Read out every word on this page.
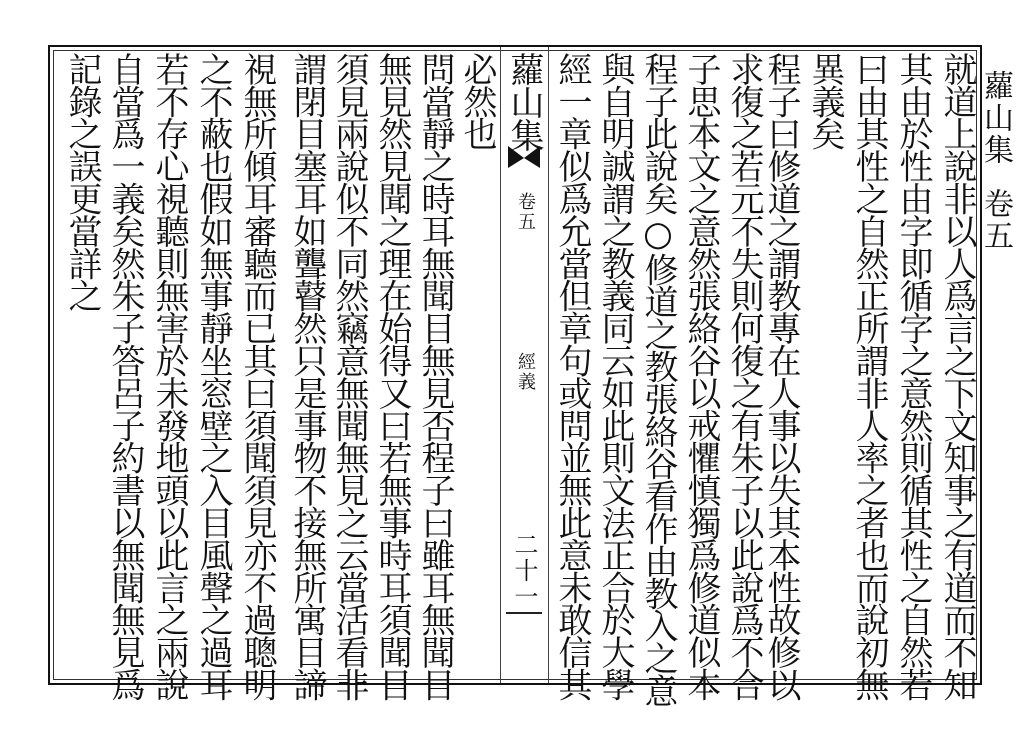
蘿山集卷五
就道上說非以人爲言之下文知事之有道而不知
其由於性由字即循字之意然則循其性之自然若
曰由其性之自然正所謂非人率之者也而說初無
異義矣
程子曰修道之謂教專在人事以失其本性故修以
求復之若元不失則何復之有朱子以此說爲不合
子思本文之意然張絡谷以戒懼慎獨爲修道似本
程子此說矣○修道之教張絡谷看作由教入之意
與自明誠謂之教義同云如此則文法正合於大學
經一章似爲允當但章句或問並無此意未敢信其
蘿山集
卷五
經義
二十一
必然也
問當靜之時耳無聞目無見否程子曰雖耳無聞目
無見然見聞之理在始得又曰若無事時耳須聞目
須見兩說似不同然竊意無聞無見之云當活看非
謂閉目塞耳如聾瞽然只是事物不接無所寓目諦
視無所傾耳審聽而已其曰須聞須見亦不過聰明
之不蔽也假如無事靜坐窓壁之入目風聲之過耳
若不存心視聽則無害於未發地頭以此言之兩說
自當爲一義矣然朱子答呂子約書以無聞無見爲
記錄之誤更當詳之
